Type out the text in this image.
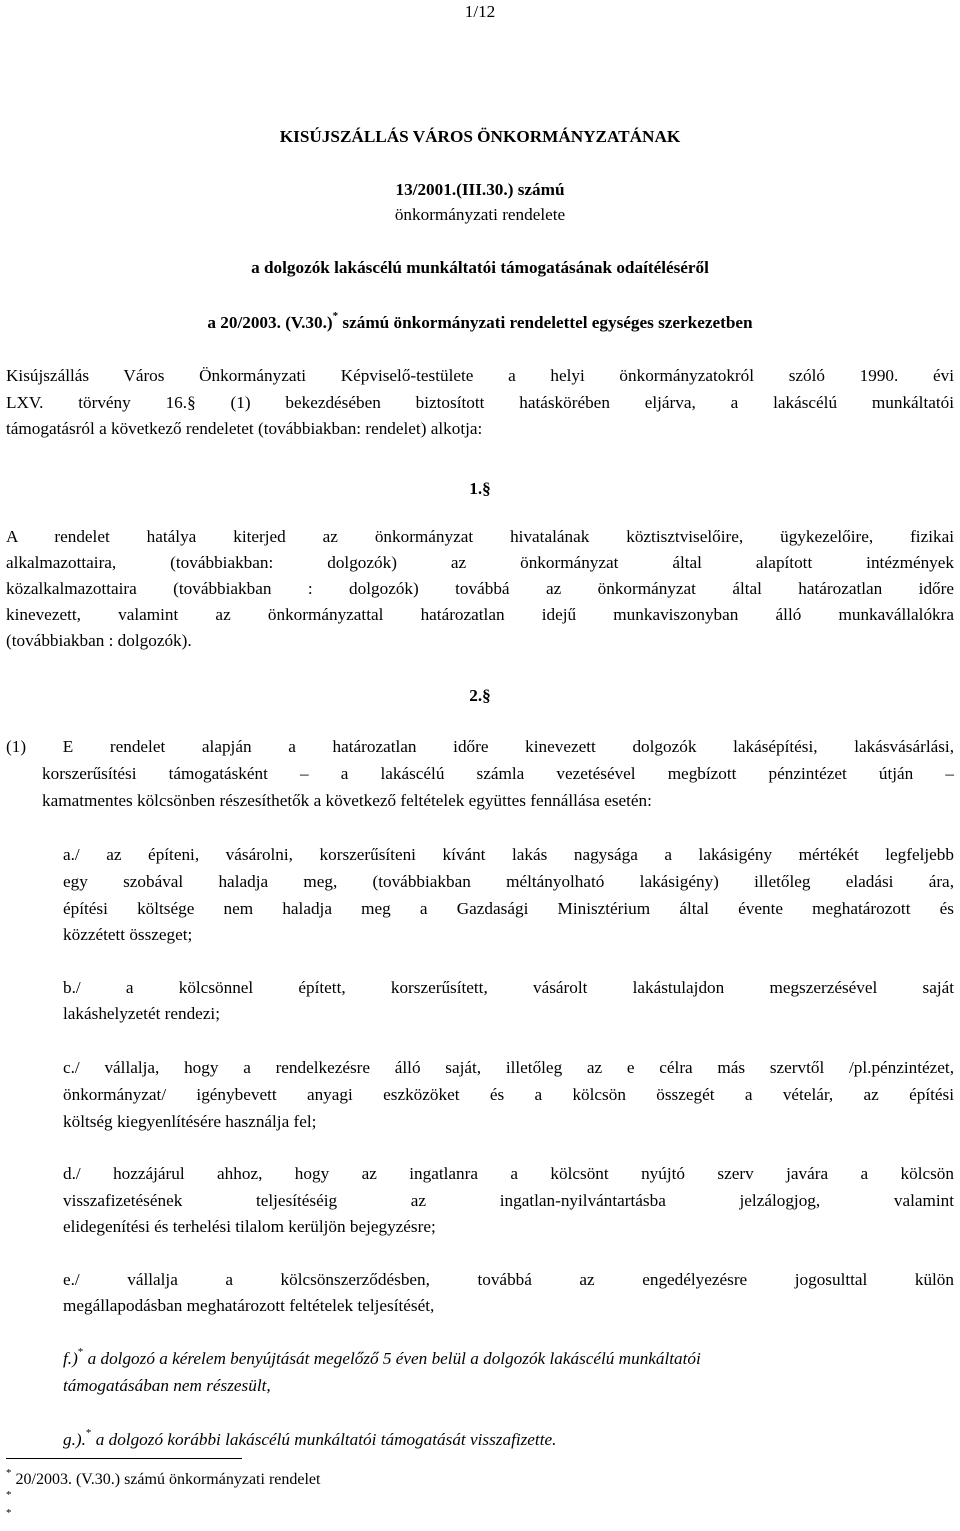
1/12
KISÚJSZÁLLÁS VÁROS ÖNKORMÁNYZATÁNAK
13/2001.(III.30.) számú
önkormányzati rendelete
a dolgozók lakáscélú munkáltatói támogatásának odaítéléséről
a 20/2003. (V.30.)* számú önkormányzati rendelettel egységes szerkezetben
Kisújszállás Város Önkormányzati Képviselő-testülete a helyi önkormányzatokról szóló 1990. évi
LXV. törvény 16.§ (1) bekezdésében biztosított hatáskörében eljárva, a lakáscélú munkáltatói
támogatásról a következő rendeletet (továbbiakban: rendelet) alkotja:
1.§
A rendelet hatálya kiterjed az önkormányzat hivatalának köztisztviselőire, ügykezelőire, fizikai
alkalmazottaira, (továbbiakban: dolgozók) az önkormányzat által alapított intézmények
közalkalmazottaira (továbbiakban : dolgozók) továbbá az önkormányzat által határozatlan időre
kinevezett, valamint az önkormányzattal határozatlan idejű munkaviszonyban álló munkavállalókra
(továbbiakban : dolgozók).
2.§
(1) E rendelet alapján a határozatlan időre kinevezett dolgozók lakásépítési, lakásvásárlási,
korszerűsítési támogatásként – a lakáscélú számla vezetésével megbízott pénzintézet útján –
kamatmentes kölcsönben részesíthetők a következő feltételek együttes fennállása esetén:
a./ az építeni, vásárolni, korszerűsíteni kívánt lakás nagysága a lakásigény mértékét legfeljebb
egy szobával haladja meg, (továbbiakban méltányolható lakásigény) illetőleg eladási ára,
építési költsége nem haladja meg a Gazdasági Minisztérium által évente meghatározott és
közzétett összeget;
b./ a kölcsönnel épített, korszerűsített, vásárolt lakástulajdon megszerzésével saját
lakáshelyzetét rendezi;
c./ vállalja, hogy a rendelkezésre álló saját, illetőleg az e célra más szervtől /pl.pénzintézet,
önkormányzat/ igénybevett anyagi eszközöket és a kölcsön összegét a vételár, az építési
költség kiegyenlítésére használja fel;
d./ hozzájárul ahhoz, hogy az ingatlanra a kölcsönt nyújtó szerv javára a kölcsön
visszafizetésének teljesítéséig az ingatlan-nyilvántartásba jelzálogjog, valamint
elidegenítési és terhelési tilalom kerüljön bejegyzésre;
e./ vállalja a kölcsönszerződésben, továbbá az engedélyezésre jogosulttal külön
megállapodásban meghatározott feltételek teljesítését,
f.)* a dolgozó a kérelem benyújtását megelőző 5 éven belül a dolgozók lakáscélú munkáltatói
támogatásában nem részesült,
g.).* a dolgozó korábbi lakáscélú munkáltatói támogatását visszafizette.
* 20/2003. (V.30.) számú önkormányzati rendelet
*
*
